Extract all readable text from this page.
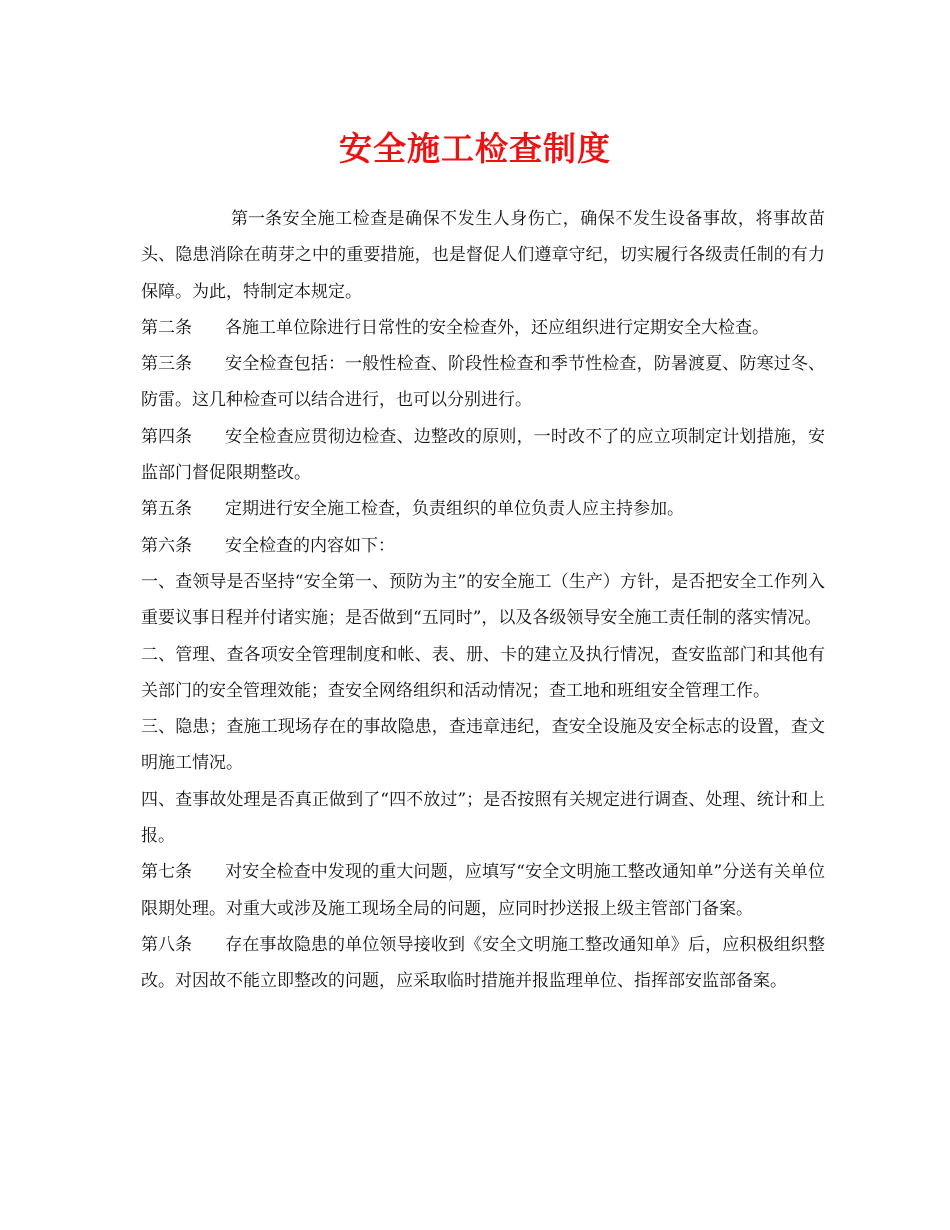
安全施工检查制度

第一条安全施工检查是确保不发生人身伤亡，确保不发生设备事故，将事故苗头、隐患消除在萌芽之中的重要措施，也是督促人们遵章守纪，切实履行各级责任制的有力保障。为此，特制定本规定。

第二条 各施工单位除进行日常性的安全检查外，还应组织进行定期安全大检查。

第三条 安全检查包括：一般性检查、阶段性检查和季节性检查，防暑渡夏、防寒过冬、防雷。这几种检查可以结合进行，也可以分别进行。

第四条 安全检查应贯彻边检查、边整改的原则，一时改不了的应立项制定计划措施，安监部门督促限期整改。

第五条 定期进行安全施工检查，负责组织的单位负责人应主持参加。

第六条 安全检查的内容如下：

一、查领导是否坚持“安全第一、预防为主”的安全施工（生产）方针，是否把安全工作列入重要议事日程并付诸实施；是否做到“五同时”，以及各级领导安全施工责任制的落实情况。

二、管理、查各项安全管理制度和帐、表、册、卡的建立及执行情况，查安监部门和其他有关部门的安全管理效能；查安全网络组织和活动情况；查工地和班组安全管理工作。

三、隐患；查施工现场存在的事故隐患，查违章违纪，查安全设施及安全标志的设置，查文明施工情况。

四、查事故处理是否真正做到了“四不放过”；是否按照有关规定进行调查、处理、统计和上报。

第七条 对安全检查中发现的重大问题，应填写“安全文明施工整改通知单”分送有关单位限期处理。对重大或涉及施工现场全局的问题，应同时抄送报上级主管部门备案。

第八条 存在事故隐患的单位领导接收到《安全文明施工整改通知单》后，应积极组织整改。对因故不能立即整改的问题，应采取临时措施并报监理单位、指挥部安监部备案。
